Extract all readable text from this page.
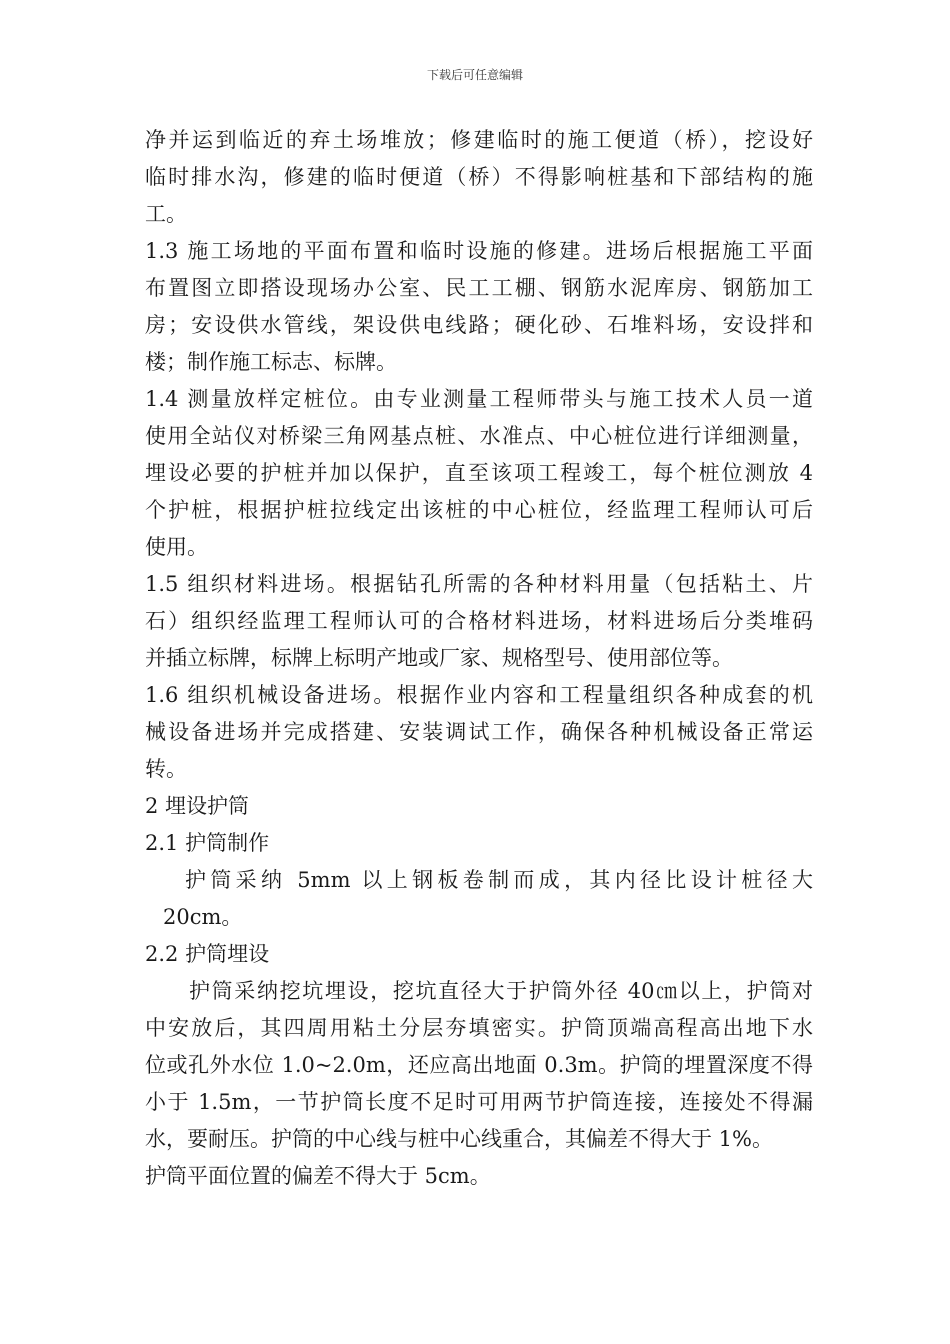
下载后可任意编辑
净并运到临近的弃土场堆放；修建临时的施工便道（桥），挖设好
临时排水沟，修建的临时便道（桥）不得影响桩基和下部结构的施
工。
1.3 施工场地的平面布置和临时设施的修建。进场后根据施工平面
布置图立即搭设现场办公室、民工工棚、钢筋水泥库房、钢筋加工
房；安设供水管线，架设供电线路；硬化砂、石堆料场，安设拌和
楼；制作施工标志、标牌。
1.4 测量放样定桩位。由专业测量工程师带头与施工技术人员一道
使用全站仪对桥梁三角网基点桩、水准点、中心桩位进行详细测量，
埋设必要的护桩并加以保护，直至该项工程竣工，每个桩位测放 4
个护桩，根据护桩拉线定出该桩的中心桩位，经监理工程师认可后
使用。
1.5 组织材料进场。根据钻孔所需的各种材料用量（包括粘土、片
石）组织经监理工程师认可的合格材料进场，材料进场后分类堆码
并插立标牌，标牌上标明产地或厂家、规格型号、使用部位等。
1.6 组织机械设备进场。根据作业内容和工程量组织各种成套的机
械设备进场并完成搭建、安装调试工作，确保各种机械设备正常运
转。
2 埋设护筒
2.1 护筒制作
护筒采纳 5mm 以上钢板卷制而成，其内径比设计桩径大
20cm。
2.2 护筒埋设
护筒采纳挖坑埋设，挖坑直径大于护筒外径 40㎝以上，护筒对
中安放后，其四周用粘土分层夯填密实。护筒顶端高程高出地下水
位或孔外水位 1.0~2.0m，还应高出地面 0.3m。护筒的埋置深度不得
小于 1.5m，一节护筒长度不足时可用两节护筒连接，连接处不得漏
水，要耐压。护筒的中心线与桩中心线重合，其偏差不得大于 1%。
护筒平面位置的偏差不得大于 5cm。
